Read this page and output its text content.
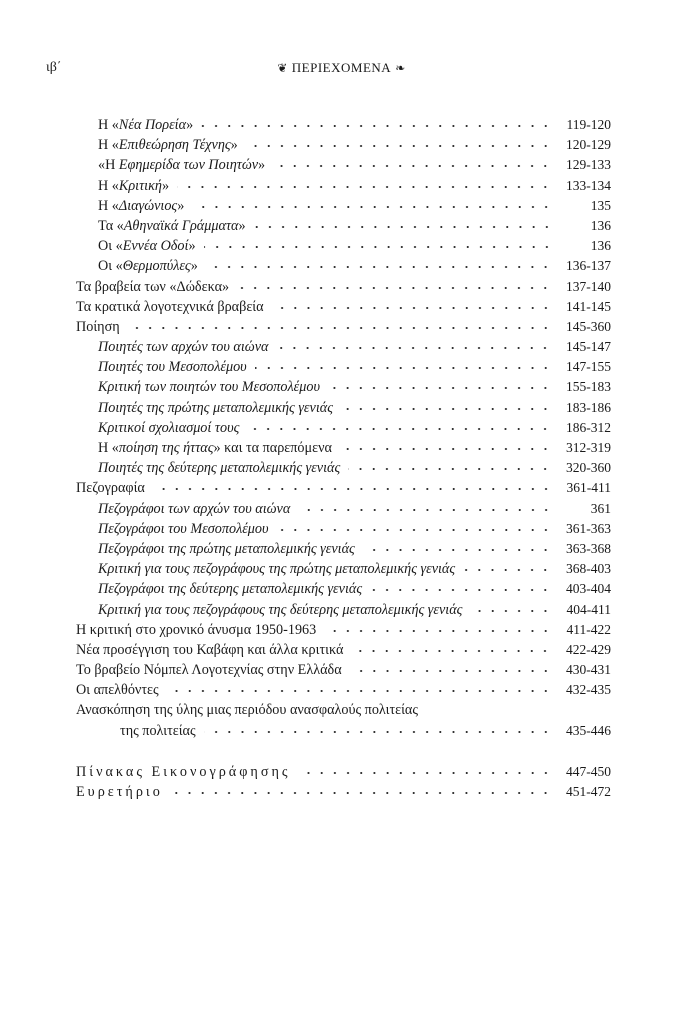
ιβ΄	❦ ΠΕΡΙΕΧΟΜΕΝΑ ❧
Η «Νέα Πορεία»	119-120
Η «Επιθεώρηση Τέχνης»	120-129
«Η Εφημερίδα των Ποιητών»	129-133
Η «Κριτική»	133-134
Η «Διαγώνιος»	135
Τα «Αθηναϊκά Γράμματα»	136
Οι «Εννέα Οδοί»	136
Οι «Θερμοπύλες»	136-137
Τα βραβεία των «Δώδεκα»	137-140
Τα κρατικά λογοτεχνικά βραβεία	141-145
Ποίηση	145-360
Ποιητές των αρχών του αιώνα	145-147
Ποιητές του Μεσοπολέμου	147-155
Κριτική των ποιητών του Μεσοπολέμου	155-183
Ποιητές της πρώτης μεταπολεμικής γενιάς	183-186
Κριτικοί σχολιασμοί τους	186-312
Η «ποίηση της ήττας» και τα παρεπόμενα	312-319
Ποιητές της δεύτερης μεταπολεμικής γενιάς	320-360
Πεζογραφία	361-411
Πεζογράφοι των αρχών του αιώνα	361
Πεζογράφοι του Μεσοπολέμου	361-363
Πεζογράφοι της πρώτης μεταπολεμικής γενιάς	363-368
Κριτική για τους πεζογράφους της πρώτης μεταπολεμικής γενιάς	368-403
Πεζογράφοι της δεύτερης μεταπολεμικής γενιάς	403-404
Κριτική για τους πεζογράφους της δεύτερης μεταπολεμικής γενιάς	404-411
Η κριτική στο χρονικό άνυσμα 1950-1963	411-422
Νέα προσέγγιση του Καβάφη και άλλα κριτικά	422-429
Το βραβείο Νόμπελ Λογοτεχνίας στην Ελλάδα	430-431
Οι απελθόντες	432-435
Ανασκόπηση της ύλης μιας περιόδου ανασφαλούς πολιτείας
της πολιτείας	435-446
Πίνακας Εικονογράφησης	447-450
Ευρετήριο	451-472
